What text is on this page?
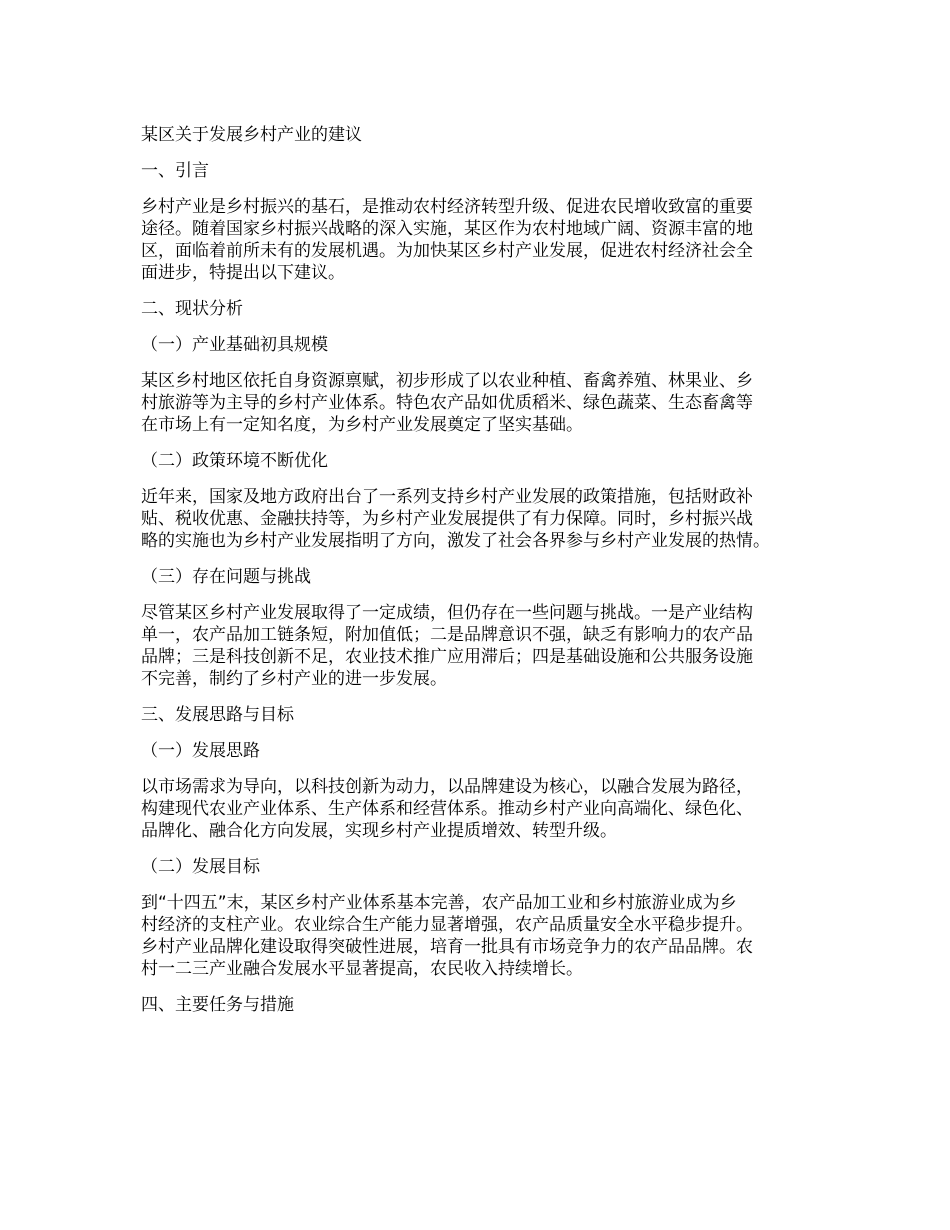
某区关于发展乡村产业的建议

一、引言

乡村产业是乡村振兴的基石，是推动农村经济转型升级、促进农民增收致富的重要
途径。随着国家乡村振兴战略的深入实施，某区作为农村地域广阔、资源丰富的地
区，面临着前所未有的发展机遇。为加快某区乡村产业发展，促进农村经济社会全
面进步，特提出以下建议。

二、现状分析

（一）产业基础初具规模

某区乡村地区依托自身资源禀赋，初步形成了以农业种植、畜禽养殖、林果业、乡
村旅游等为主导的乡村产业体系。特色农产品如优质稻米、绿色蔬菜、生态畜禽等
在市场上有一定知名度，为乡村产业发展奠定了坚实基础。

（二）政策环境不断优化

近年来，国家及地方政府出台了一系列支持乡村产业发展的政策措施，包括财政补
贴、税收优惠、金融扶持等，为乡村产业发展提供了有力保障。同时，乡村振兴战
略的实施也为乡村产业发展指明了方向，激发了社会各界参与乡村产业发展的热情。

（三）存在问题与挑战

尽管某区乡村产业发展取得了一定成绩，但仍存在一些问题与挑战。一是产业结构
单一，农产品加工链条短，附加值低；二是品牌意识不强，缺乏有影响力的农产品
品牌；三是科技创新不足，农业技术推广应用滞后；四是基础设施和公共服务设施
不完善，制约了乡村产业的进一步发展。

三、发展思路与目标

（一）发展思路

以市场需求为导向，以科技创新为动力，以品牌建设为核心，以融合发展为路径，
构建现代农业产业体系、生产体系和经营体系。推动乡村产业向高端化、绿色化、
品牌化、融合化方向发展，实现乡村产业提质增效、转型升级。

（二）发展目标

到“十四五”末，某区乡村产业体系基本完善，农产品加工业和乡村旅游业成为乡
村经济的支柱产业。农业综合生产能力显著增强，农产品质量安全水平稳步提升。
乡村产业品牌化建设取得突破性进展，培育一批具有市场竞争力的农产品品牌。农
村一二三产业融合发展水平显著提高，农民收入持续增长。

四、主要任务与措施
